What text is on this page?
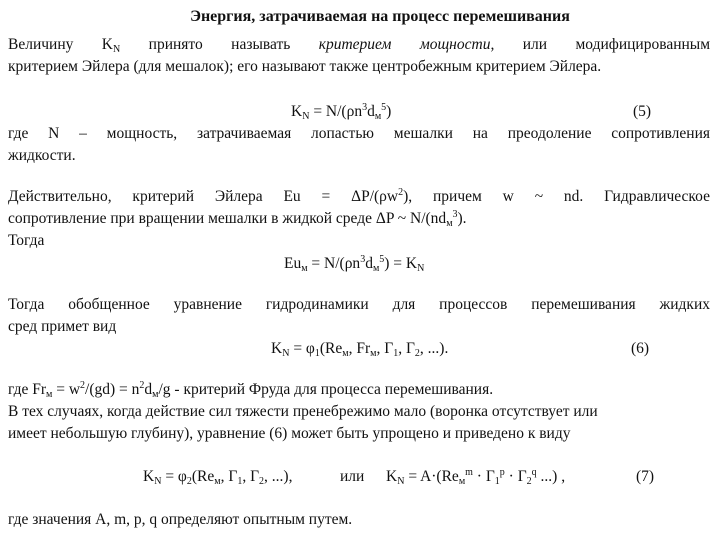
Энергия, затрачиваемая на процесс перемешивания
Величину $K_N$ принято называть критерием мощности, или модифицированным
критерием Эйлера (для мешалок); его называют также центробежным критерием Эйлера.
$K_N = N/(\rho n^3d_м^5)$	(5)
где N – мощность, затрачиваемая лопастью мешалки на преодоление сопротивления
жидкости.
Действительно, критерий Эйлера $Eu = \Delta P/(\rho w^2)$, причем w ~ nd. Гидравлическое
сопротивление при вращении мешалки в жидкой среде ΔP ~ $N/(nd_м^3)$.
Тогда
$Eu_м = N/(\rho n^3d_м^5) = K_N$
Тогда обобщенное уравнение гидродинамики для процессов перемешивания жидких
сред примет вид
$K_N = \varphi_1(Re_м$, $Fr_м$, $Г_1$, $Г_2$, ...).	(6)
где $Fr_м = w^2/(gd) = n^2d_м/g$ - критерий Фруда для процесса перемешивания.
В тех случаях, когда действие сил тяжести пренебрежимо мало (воронка отсутствует или
имеет небольшую глубину), уравнение (6) может быть упрощено и приведено к виду
$K_N = \varphi_2(Re_м$, $Г_1$, $Г_2$, ...),	или $K_N = A\cdot(Re_м^m \cdot Г_1^p \cdot Г_2^q$ ...) ,	(7)
где значения A, m, p, q определяют опытным путем.
